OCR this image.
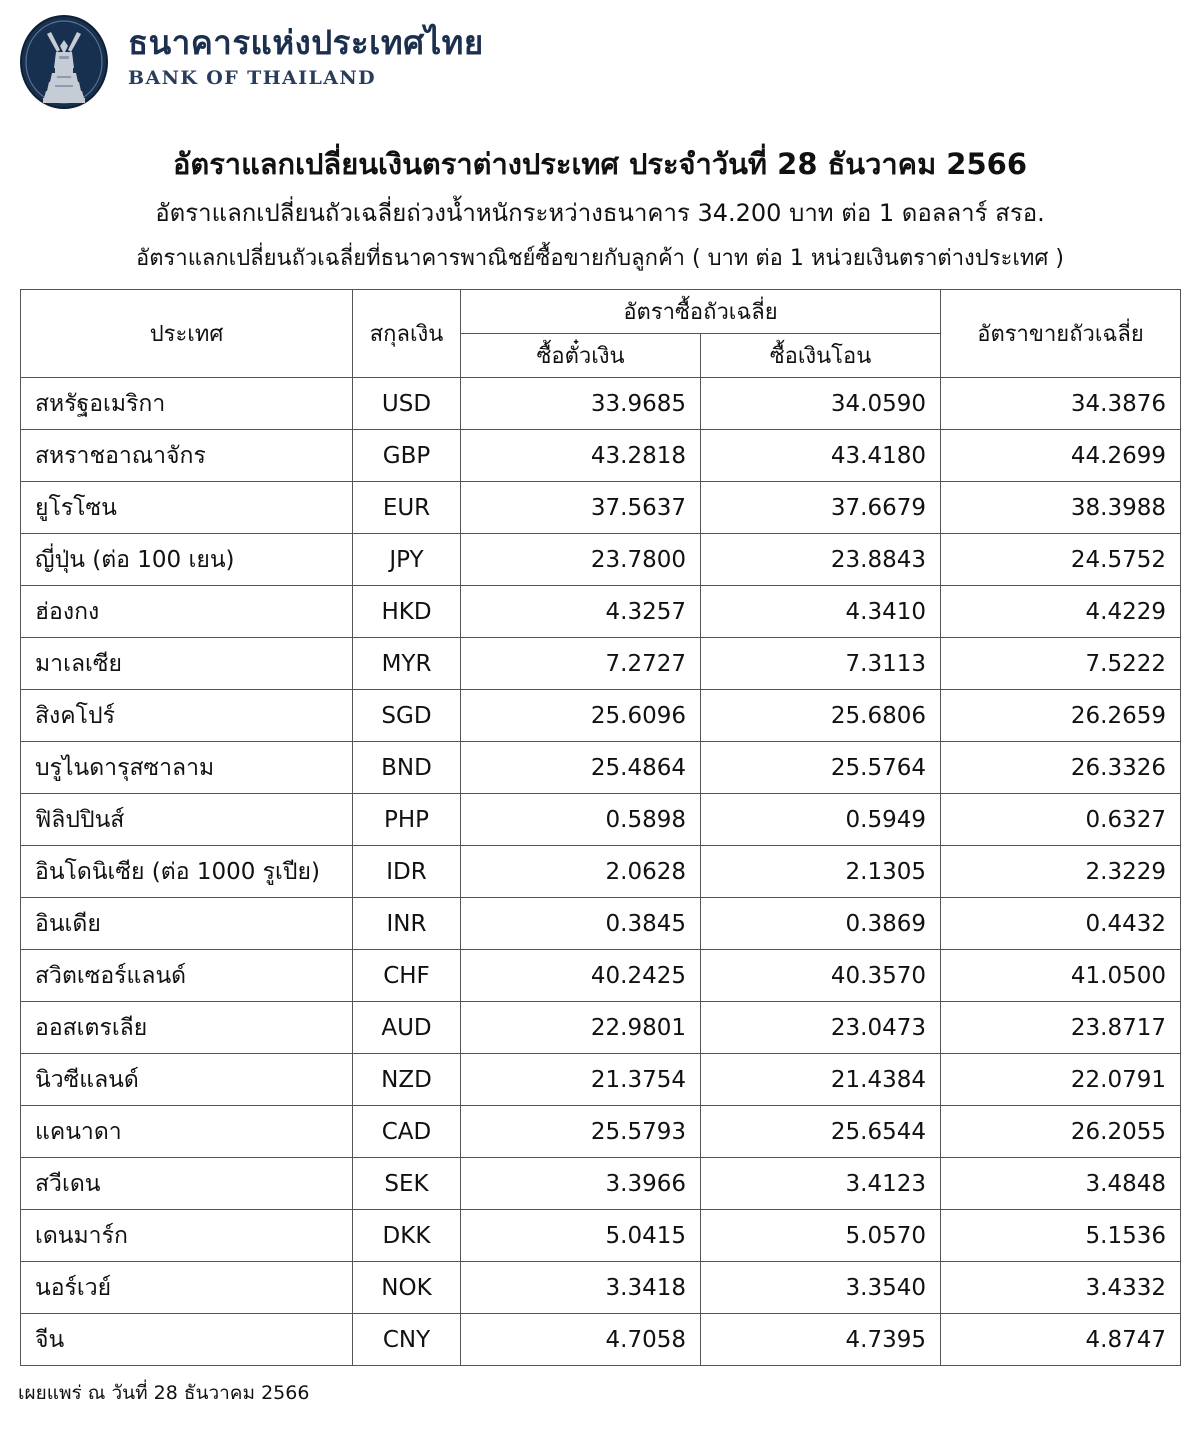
ธนาคารแห่งประเทศไทย
BANK OF THAILAND
อัตราแลกเปลี่ยนเงินตราต่างประเทศ ประจำวันที่ 28 ธันวาคม 2566
อัตราแลกเปลี่ยนถัวเฉลี่ยถ่วงน้ำหนักระหว่างธนาคาร 34.200 บาท ต่อ 1 ดอลลาร์ สรอ.
อัตราแลกเปลี่ยนถัวเฉลี่ยที่ธนาคารพาณิชย์ซื้อขายกับลูกค้า ( บาท ต่อ 1 หน่วยเงินตราต่างประเทศ )
ประเทศ	สกุลเงิน	อัตราซื้อถัวเฉลี่ย		อัตราขายถัวเฉลี่ย
		ซื้อตั๋วเงิน	ซื้อเงินโอน	
สหรัฐอเมริกา	USD	33.9685	34.0590	34.3876
สหราชอาณาจักร	GBP	43.2818	43.4180	44.2699
ยูโรโซน	EUR	37.5637	37.6679	38.3988
ญี่ปุ่น (ต่อ 100 เยน)	JPY	23.7800	23.8843	24.5752
ฮ่องกง	HKD	4.3257	4.3410	4.4229
มาเลเซีย	MYR	7.2727	7.3113	7.5222
สิงคโปร์	SGD	25.6096	25.6806	26.2659
บรูไนดารุสซาลาม	BND	25.4864	25.5764	26.3326
ฟิลิปปินส์	PHP	0.5898	0.5949	0.6327
อินโดนิเซีย (ต่อ 1000 รูเปีย)	IDR	2.0628	2.1305	2.3229
อินเดีย	INR	0.3845	0.3869	0.4432
สวิตเซอร์แลนด์	CHF	40.2425	40.3570	41.0500
ออสเตรเลีย	AUD	22.9801	23.0473	23.8717
นิวซีแลนด์	NZD	21.3754	21.4384	22.0791
แคนาดา	CAD	25.5793	25.6544	26.2055
สวีเดน	SEK	3.3966	3.4123	3.4848
เดนมาร์ก	DKK	5.0415	5.0570	5.1536
นอร์เวย์	NOK	3.3418	3.3540	3.4332
จีน	CNY	4.7058	4.7395	4.8747
เผยแพร่ ณ วันที่ 28 ธันวาคม 2566
